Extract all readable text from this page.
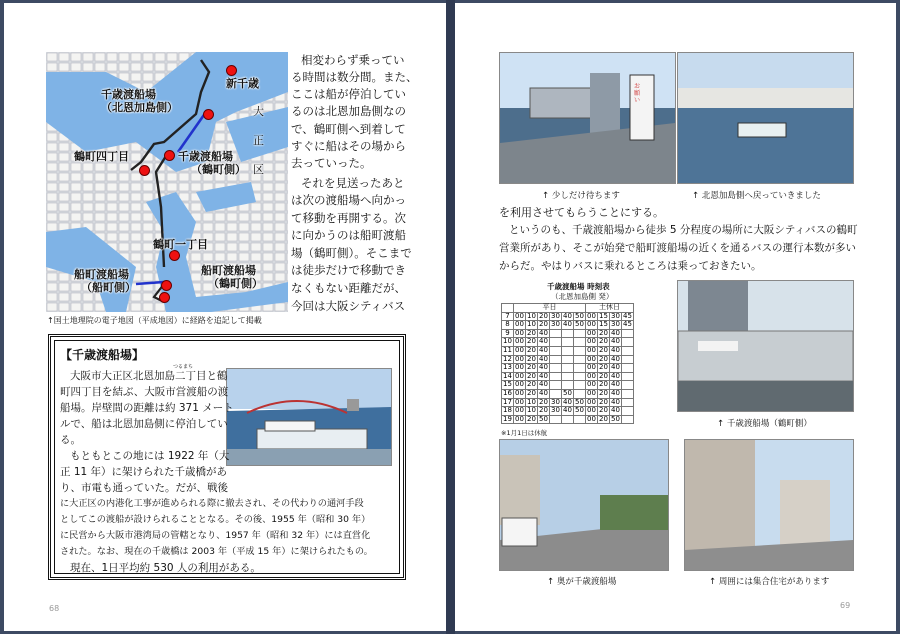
新千歳
千歳渡船場
（北恩加島側）
鶴町四丁目	千歳渡船場
（鶴町側）
大
正
区
鶴町一丁目
船町渡船場
（船町側）
船町渡船場
（鶴町側）
↑国土地理院の電子地図（平成地図）に経路を追記して掲載
相変わらず乗ってい
る時間は数分間。また、
ここは船が停泊してい
るのは北恩加島側なの
で、鶴町側へ到着して
すぐに船はその場から
去っていった。
それを見送ったあと
は次の渡船場へ向かっ
て移動を再開する。次
に向かうのは船町渡船
場（鶴町側）。そこまで
は徒歩だけで移動でき
なくもない距離だが、
今回は大阪シティバス
【千歳渡船場】
つるまち
大阪市大正区北恩加島二丁目と鶴
町四丁目を結ぶ、大阪市営渡船の渡
船場。岸壁間の距離は約 371 メート
ルで、船は北恩加島側に停泊してい
る。
もともとこの地には 1922 年（大
正 11 年）に架けられた千歳橋があ
り、市電も通っていた。だが、戦後
に大正区の内港化工事が進められる際に撤去され、その代わりの通河手段
としてこの渡船が設けられることとなる。その後、1955 年（昭和 30 年）
に民営から大阪市港湾局の管轄となり、1957 年（昭和 32 年）には直営化
された。なお、現在の千歳橋は 2003 年（平成 15 年）に架けられたもの。
現在、1日平均約 530 人の利用がある。
68
お願い
↑ 少しだけ待ちます	↑ 北恩加島側へ戻っていきました
を利用させてもらうことにする。
というのも、千歳渡船場から徒歩 5 分程度の場所に大阪シティバスの鶴町
営業所があり、そこが始発で船町渡船場の近くを通るバスの運行本数が多い
からだ。やはりバスに乗れるところは乗っておきたい。
千歳渡船場 時刻表
（北恩加島側 発）
	平日						土休日			
7	00	10	20	30	40	50	00	15	30	45
8	00	10	20	30	40	50	00	15	30	45
9	00	20	40				00	20	40	
10	00	20	40				00	20	40	
11	00	20	40				00	20	40	
12	00	20	40				00	20	40	
13	00	20	40				00	20	40	
14	00	20	40				00	20	40	
15	00	20	40				00	20	40	
16	00	20	40		50		00	20	40	
17	00	10	20	30	40	50	00	20	40	
18	00	10	20	30	40	50	00	20	40	
19	00	20	50				00	20	50	
※1月1日は休航
↑ 千歳渡船場（鶴町側）
↑ 奥が千歳渡船場	↑ 周囲には集合住宅があります
69
